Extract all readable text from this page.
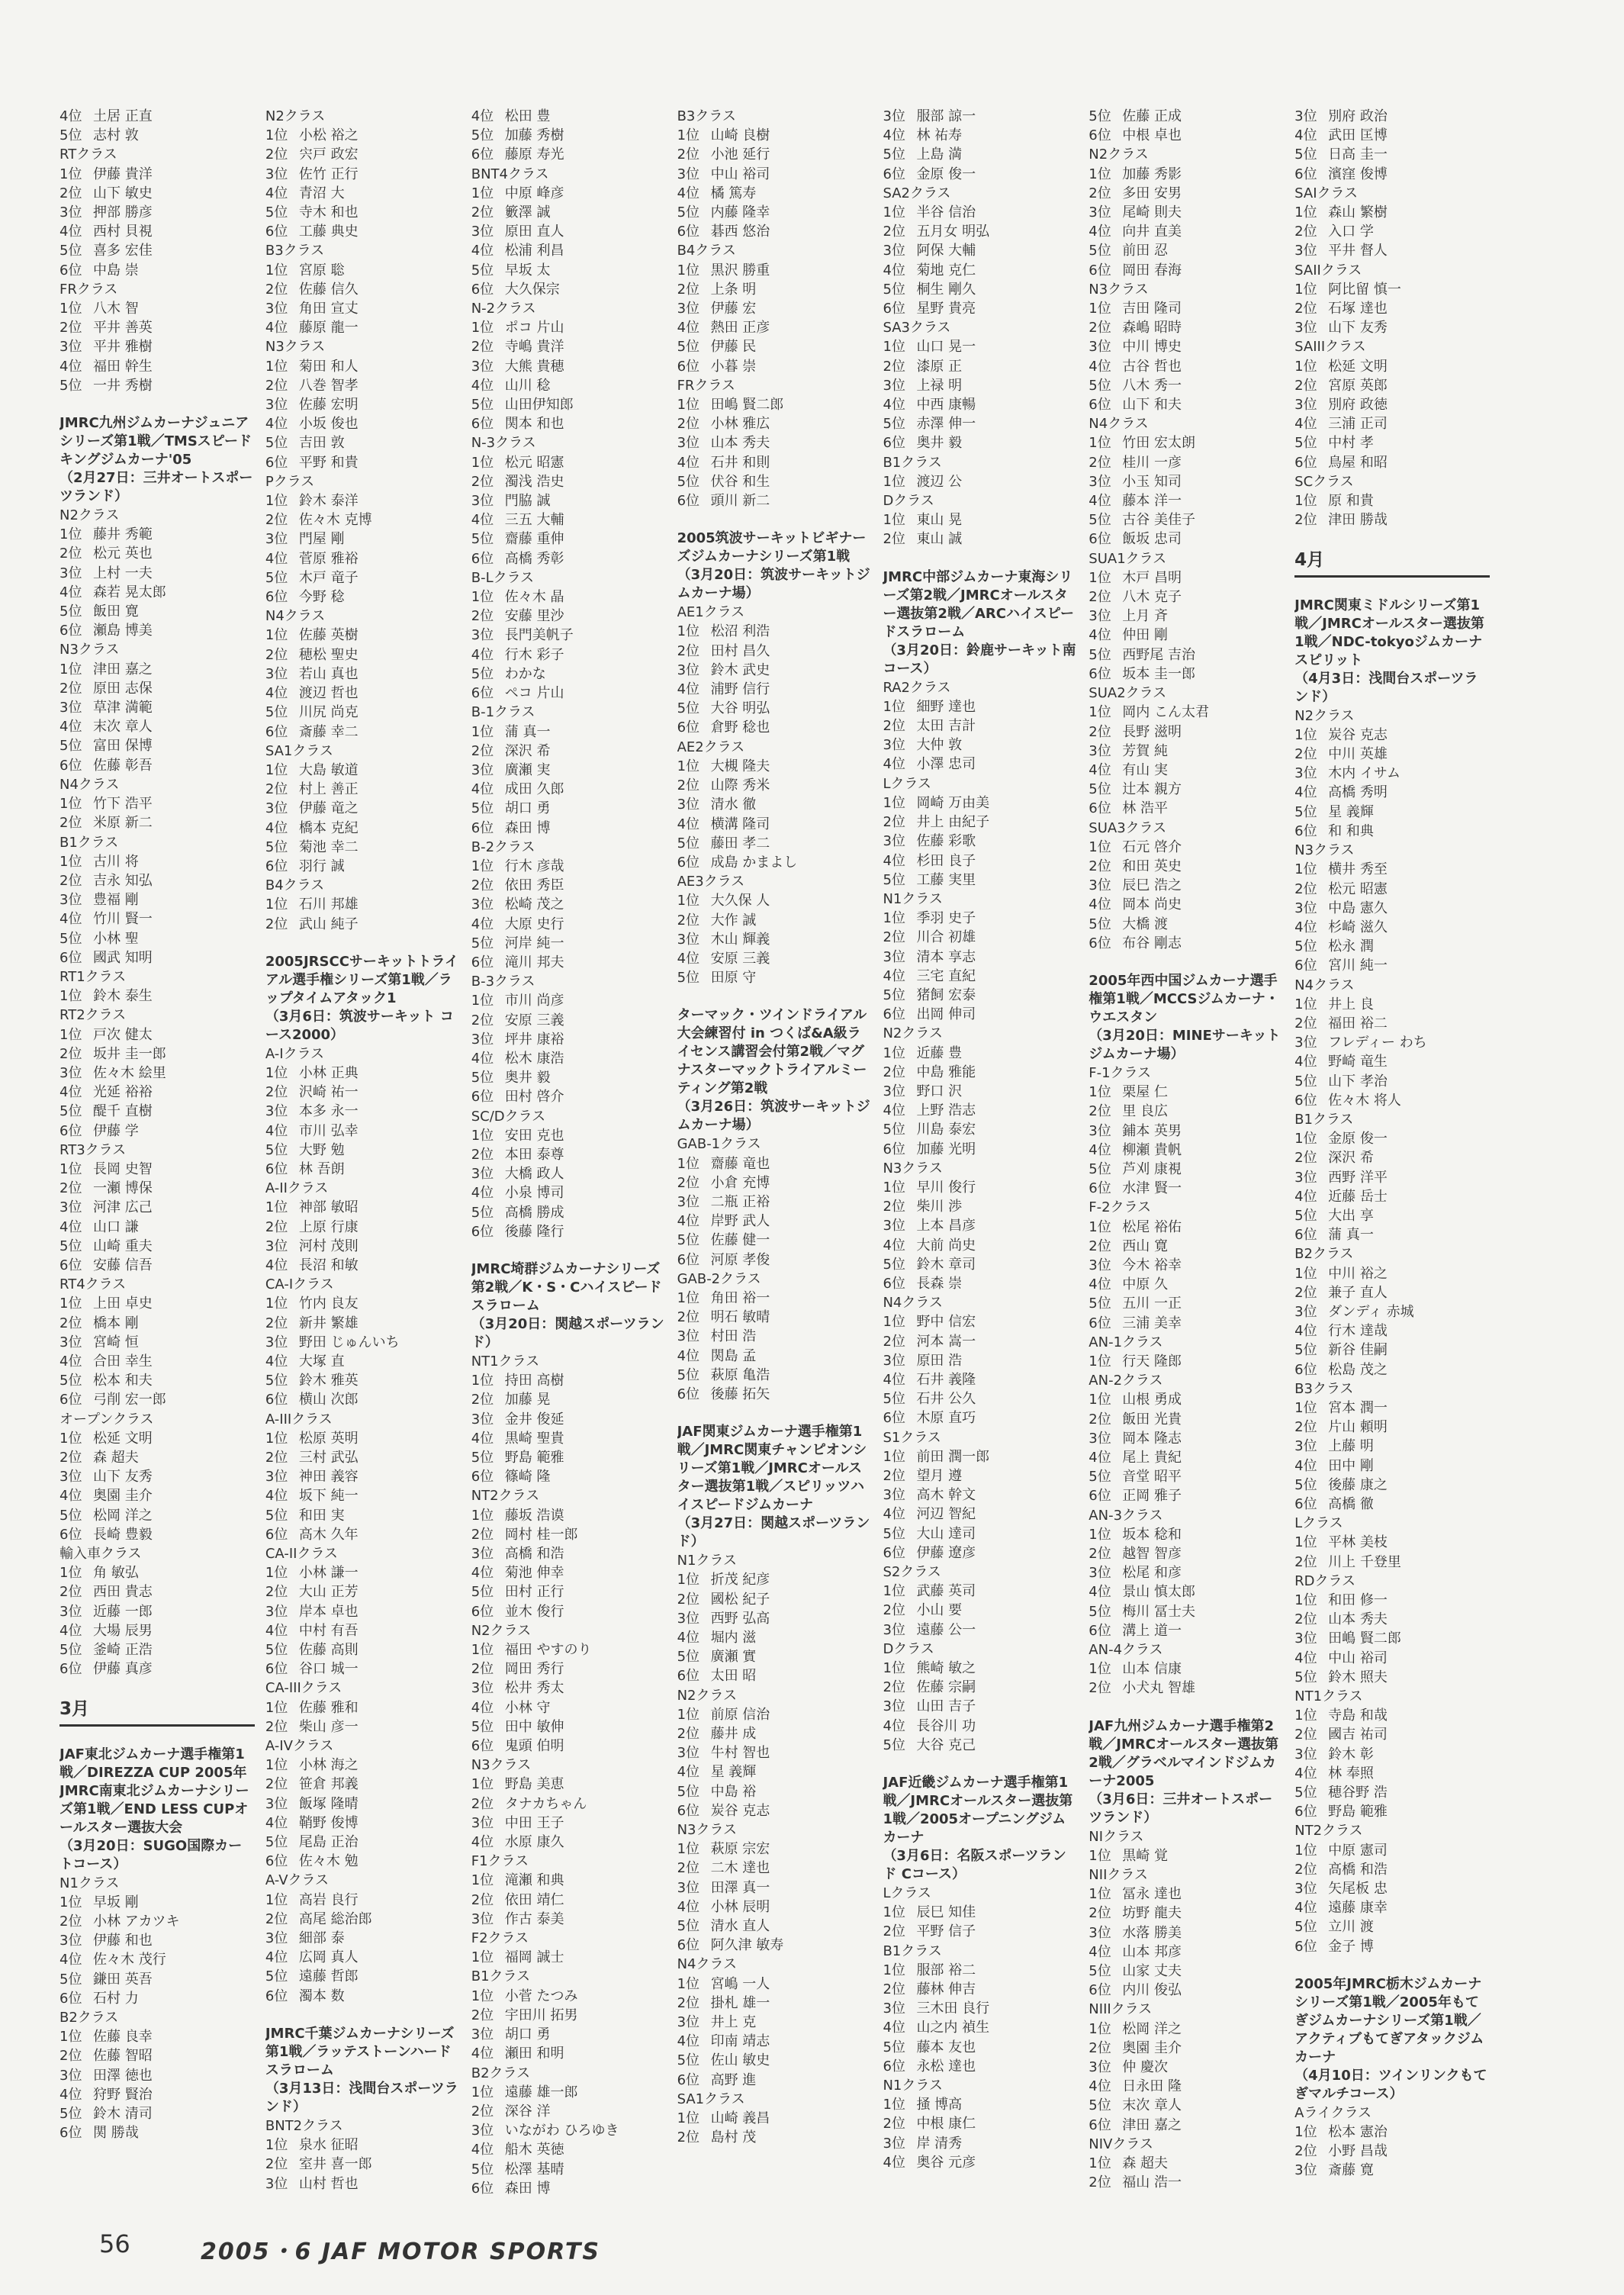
4位 土居 正直
5位 志村 敦
RTクラス
1位 伊藤 貴洋
2位 山下 敏史
3位 押部 勝彦
4位 西村 貝視
5位 喜多 宏佳
6位 中島 崇
FRクラス
1位 八木 智
2位 平井 善英
3位 平井 雅樹
4位 福田 幹生
5位 一井 秀樹
JMRC九州ジムカーナジュニアシリーズ第1戦／TMSスピードキングジムカーナ'05
（2月27日：三井オートスポーツランド）
N2クラス
1位 藤井 秀範
2位 松元 英也
3位 上村 一夫
4位 森若 晃太郎
5位 飯田 寛
6位 瀬島 博美
N3クラス
1位 津田 嘉之
2位 原田 志保
3位 草津 満範
4位 末次 章人
5位 富田 保博
6位 佐藤 彰吾
N4クラス
1位 竹下 浩平
2位 米原 新二
B1クラス
1位 古川 将
2位 吉永 知弘
3位 豊福 剛
4位 竹川 賢一
5位 小林 聖
6位 國武 知明
RT1クラス
1位 鈴木 泰生
RT2クラス
1位 戸次 健太
2位 坂井 圭一郎
3位 佐々木 絵里
4位 光延 裕裕
5位 醍千 直樹
6位 伊藤 学
RT3クラス
1位 長岡 史智
2位 一瀬 博保
3位 河津 広己
4位 山口 謙
5位 山崎 重夫
6位 安藤 信吾
RT4クラス
1位 上田 卓史
2位 橋本 剛
3位 宮崎 恒
4位 合田 幸生
5位 松本 和夫
6位 弓削 宏一郎
オープンクラス
1位 松延 文明
2位 森 超夫
3位 山下 友秀
4位 奥園 圭介
5位 松岡 洋之
6位 長崎 豊毅
輸入車クラス
1位 角 敏弘
2位 西田 貴志
3位 近藤 一郎
4位 大場 辰男
5位 釜崎 正浩
6位 伊藤 真彦
3月
JAF東北ジムカーナ選手権第1戦／DIREZZA CUP 2005年JMRC南東北ジムカーナシリーズ第1戦／END LESS CUPオールスター選抜大会
（3月20日：SUGO国際カートコース）
N1クラス
1位 早坂 剛
2位 小林 アカツキ
3位 伊藤 和也
4位 佐々木 茂行
5位 鎌田 英吾
6位 石村 力
B2クラス
1位 佐藤 良幸
2位 佐藤 智昭
3位 田澤 徳也
4位 狩野 賢治
5位 鈴木 清司
6位 関 勝哉
N2クラス
1位 小松 裕之
2位 宍戸 政宏
3位 佐竹 正行
4位 青沼 大
5位 寺木 和也
6位 工藤 典史
B3クラス
1位 宮原 聡
2位 佐藤 信久
3位 角田 宣丈
4位 藤原 龍一
N3クラス
1位 菊田 和人
2位 八巻 智孝
3位 佐藤 宏明
4位 小坂 俊也
5位 吉田 敦
6位 平野 和貴
Pクラス
1位 鈴木 泰洋
2位 佐々木 克博
3位 門屋 剛
4位 菅原 雅裕
5位 木戸 竜子
6位 今野 稔
N4クラス
1位 佐藤 英樹
2位 穂松 聖史
3位 若山 真也
4位 渡辺 哲也
5位 川尻 尚克
6位 斎藤 幸二
SA1クラス
1位 大島 敏道
2位 村上 善正
3位 伊藤 竜之
4位 橋本 克紀
5位 菊池 幸二
6位 羽行 誠
B4クラス
1位 石川 邦雄
2位 武山 純子
2005JRSCCサーキットトライアル選手権シリーズ第1戦／ラップタイムアタック1
（3月6日：筑波サーキット コース2000）
A-Iクラス
1位 小林 正典
2位 沢崎 祐一
3位 本多 永一
4位 市川 弘幸
5位 大野 勉
6位 林 吾朗
A-IIクラス
1位 神部 敏昭
2位 上原 行康
3位 河村 茂則
4位 長沼 和敏
CA-Iクラス
1位 竹内 良友
2位 新井 繁雄
3位 野田 じゅんいち
4位 大塚 直
5位 鈴木 雅英
6位 横山 次郎
A-IIIクラス
1位 松原 英明
2位 三村 武弘
3位 神田 義容
4位 坂下 純一
5位 和田 実
6位 高木 久年
CA-IIクラス
1位 小林 謙一
2位 大山 正芳
3位 岸本 卓也
4位 中村 有吾
5位 佐藤 高則
6位 谷口 城一
CA-IIIクラス
1位 佐藤 雅和
2位 柴山 彦一
A-IVクラス
1位 小林 海之
2位 笹倉 邦義
3位 飯塚 隆晴
4位 鞘野 俊博
5位 尾島 正治
6位 佐々木 勉
A-Vクラス
1位 高岩 良行
2位 高尾 総治郎
3位 細部 泰
4位 広岡 真人
5位 遠藤 哲郎
6位 濁本 数
JMRC千葉ジムカーナシリーズ第1戦／ラッテストーンハードスラローム
（3月13日：浅間台スポーツランド）
BNT2クラス
1位 泉水 征昭
2位 室井 喜一郎
3位 山村 哲也
4位 松田 豊
5位 加藤 秀樹
6位 藤原 寿光
BNT4クラス
1位 中原 峰彦
2位 籔澤 誠
3位 原田 直人
4位 松浦 利昌
5位 早坂 太
6位 大久保宗
N-2クラス
1位 ポコ 片山
2位 寺嶋 貴洋
3位 大熊 貴穂
4位 山川 稔
5位 山田伊知郎
6位 関本 和也
N-3クラス
1位 松元 昭憲
2位 濁浅 浩史
3位 門脇 誠
4位 三五 大輔
5位 齋藤 重伸
6位 高橋 秀彰
B-Lクラス
1位 佐々木 晶
2位 安藤 里沙
3位 長門美帆子
4位 行木 彩子
5位 わかな
6位 ペコ 片山
B-1クラス
1位 蒲 真一
2位 深沢 希
3位 廣瀬 実
4位 成田 久郎
5位 胡口 勇
6位 森田 博
B-2クラス
1位 行木 彦哉
2位 依田 秀臣
3位 松崎 茂之
4位 大原 史行
5位 河岸 純一
6位 滝川 邦夫
B-3クラス
1位 市川 尚彦
2位 安原 三義
3位 坪井 康裕
4位 松木 康浩
5位 奥井 毅
6位 田村 啓介
SC/Dクラス
1位 安田 克也
2位 本田 泰尊
3位 大橋 政人
4位 小泉 博司
5位 高橋 勝成
6位 後藤 隆行
JMRC埼群ジムカーナシリーズ第2戦／K・S・Cハイスピードスラローム
（3月20日：関越スポーツランド）
NT1クラス
1位 持田 高樹
2位 加藤 晃
3位 金井 俊延
4位 黒崎 聖貴
5位 野島 範雅
6位 篠崎 隆
NT2クラス
1位 藤坂 浩谟
2位 岡村 桂一郎
3位 高橋 和浩
4位 菊池 伸幸
5位 田村 正行
6位 並木 俊行
N2クラス
1位 福田 やすのり
2位 岡田 秀行
3位 松井 秀太
4位 小林 守
5位 田中 敏伸
6位 鬼頭 伯明
N3クラス
1位 野島 美恵
2位 タナカちゃん
3位 中田 王子
4位 水原 康久
F1クラス
1位 滝瀬 和典
2位 依田 靖仁
3位 作古 泰美
F2クラス
1位 福岡 誠士
B1クラス
1位 小菅 たつみ
2位 宇田川 拓男
3位 胡口 勇
4位 瀬田 和明
B2クラス
1位 遠藤 雄一郎
2位 深谷 洋
3位 いながわ ひろゆき
4位 船木 英徳
5位 松澤 基晴
6位 森田 博
B3クラス
1位 山崎 良樹
2位 小池 延行
3位 中山 裕司
4位 橘 篤寿
5位 内藤 隆幸
6位 碁西 悠治
B4クラス
1位 黒沢 勝重
2位 上条 明
3位 伊藤 宏
4位 熱田 正彦
5位 伊藤 民
6位 小暮 崇
FRクラス
1位 田嶋 賢二郎
2位 小林 雅広
3位 山本 秀夫
4位 石井 和則
5位 伏谷 和生
6位 頭川 新二
2005筑波サーキットビギナーズジムカーナシリーズ第1戦
（3月20日：筑波サーキットジムカーナ場）
AE1クラス
1位 松沼 利浩
2位 田村 昌久
3位 鈴木 武史
4位 浦野 信行
5位 大谷 明弘
6位 倉野 稔也
AE2クラス
1位 大槻 隆夫
2位 山際 秀米
3位 清水 徹
4位 横溝 隆司
5位 藤田 孝二
6位 成島 かまよし
AE3クラス
1位 大久保 人
2位 大作 誠
3位 木山 輝義
4位 安原 三義
5位 田原 守
ターマック・ツインドライアル大会練習付 in つくば&A級ライセンス講習会付第2戦／マグナスターマックトライアルミーティング第2戦
（3月26日：筑波サーキットジムカーナ場）
GAB-1クラス
1位 齋藤 竜也
2位 小倉 充博
3位 二瓶 正裕
4位 岸野 武人
5位 佐藤 健一
6位 河原 孝俊
GAB-2クラス
1位 角田 裕一
2位 明石 敏晴
3位 村田 浩
4位 関島 孟
5位 萩原 亀浩
6位 後藤 拓矢
JAF関東ジムカーナ選手権第1戦／JMRC関東チャンピオンシリーズ第1戦／JMRCオールスター選抜第1戦／スピリッツハイスピードジムカーナ
（3月27日：関越スポーツランド）
N1クラス
1位 折茂 紀彦
2位 國松 紀子
3位 西野 弘高
4位 堀内 滋
5位 廣瀬 實
6位 太田 昭
N2クラス
1位 前原 信治
2位 藤井 成
3位 牛村 智也
4位 星 義輝
5位 中島 裕
6位 炭谷 克志
N3クラス
1位 萩原 宗宏
2位 二木 達也
3位 田澤 真一
4位 小林 辰明
5位 清水 直人
6位 阿久津 敏寿
N4クラス
1位 宮嶋 一人
2位 掛札 雄一
3位 井上 克
4位 印南 靖志
5位 佐山 敏史
6位 高野 進
SA1クラス
1位 山崎 義昌
2位 島村 茂
3位 服部 諒一
4位 林 祐寿
5位 上島 満
6位 金原 俊一
SA2クラス
1位 半谷 信治
2位 五月女 明弘
3位 阿保 大輔
4位 菊地 克仁
5位 桐生 剛久
6位 星野 貴亮
SA3クラス
1位 山口 晃一
2位 漆原 正
3位 上禄 明
4位 中西 康暢
5位 赤澤 伸一
6位 奥井 毅
B1クラス
1位 渡辺 公
Dクラス
1位 東山 晃
2位 東山 誠
JMRC中部ジムカーナ東海シリーズ第2戦／JMRCオールスター選抜第2戦／ARCハイスピードスラローム
（3月20日：鈴鹿サーキット南コース）
RA2クラス
1位 細野 達也
2位 太田 吉計
3位 大仲 敦
4位 小澤 忠司
Lクラス
1位 岡崎 万由美
2位 井上 由紀子
3位 佐藤 彩歌
4位 杉田 良子
5位 工藤 実里
N1クラス
1位 季羽 史子
2位 川合 初雄
3位 清本 享志
4位 三宅 直紀
5位 猪飼 宏泰
6位 出岡 伸司
N2クラス
1位 近藤 豊
2位 中島 雅能
3位 野口 沢
4位 上野 浩志
5位 川島 泰宏
6位 加藤 光明
N3クラス
1位 早川 俊行
2位 柴川 渉
3位 上本 昌彦
4位 大前 尚史
5位 鈴木 章司
6位 長森 崇
N4クラス
1位 野中 信宏
2位 河本 嵩一
3位 原田 浩
4位 石井 義隆
5位 石井 公久
6位 木原 直巧
S1クラス
1位 前田 潤一郎
2位 望月 遵
3位 高木 幹文
4位 河辺 智紀
5位 大山 達司
6位 伊藤 遼彦
S2クラス
1位 武藤 英司
2位 小山 要
3位 遠藤 公一
Dクラス
1位 熊崎 敏之
2位 佐藤 宗嗣
3位 山田 吉子
4位 長谷川 功
5位 大谷 克己
JAF近畿ジムカーナ選手権第1戦／JMRCオールスター選抜第1戦／2005オープニングジムカーナ
（3月6日：名阪スポーツランド Cコース）
Lクラス
1位 辰巳 知佳
2位 平野 信子
B1クラス
1位 服部 裕二
2位 藤林 伸吉
3位 三木田 良行
4位 山之内 禎生
5位 藤本 友也
6位 永松 達也
N1クラス
1位 掻 博高
2位 中根 康仁
3位 岸 清秀
4位 奥谷 元彦
5位 佐藤 正成
6位 中根 卓也
N2クラス
1位 加藤 秀影
2位 多田 安男
3位 尾崎 則夫
4位 向井 直美
5位 前田 忍
6位 岡田 春海
N3クラス
1位 吉田 隆司
2位 森嶋 昭時
3位 中川 博史
4位 古谷 哲也
5位 八木 秀一
6位 山下 和夫
N4クラス
1位 竹田 宏太朗
2位 桂川 一彦
3位 小玉 知司
4位 藤本 洋一
5位 古谷 美佳子
6位 飯坂 忠司
SUA1クラス
1位 木戸 昌明
2位 八木 克子
3位 上月 斉
4位 仲田 剛
5位 西野尾 吉治
6位 坂本 圭一郎
SUA2クラス
1位 岡内 こん太君
2位 長野 滋明
3位 芳賀 純
4位 有山 実
5位 辻本 親方
6位 林 浩平
SUA3クラス
1位 石元 啓介
2位 和田 英史
3位 辰巳 浩之
4位 岡本 尚史
5位 大橋 渡
6位 布谷 剛志
2005年西中国ジムカーナ選手権第1戦／MCCSジムカーナ・ウエスタン
（3月20日：MINEサーキットジムカーナ場）
F-1クラス
1位 栗屋 仁
2位 里 良広
3位 鋪本 英男
4位 柳瀬 貴帆
5位 芦刈 康視
6位 水津 賢一
F-2クラス
1位 松尾 裕佑
2位 西山 寛
3位 今木 裕幸
4位 中原 久
5位 五川 一正
6位 三浦 美幸
AN-1クラス
1位 行天 隆郎
AN-2クラス
1位 山根 勇成
2位 飯田 光貴
3位 岡本 隆志
4位 尾上 貴紀
5位 音堂 昭平
6位 正岡 雅子
AN-3クラス
1位 坂本 稔和
2位 越智 智彦
3位 松尾 和彦
4位 景山 慎太郎
5位 梅川 冨士夫
6位 溝上 道一
AN-4クラス
1位 山本 信康
2位 小犬丸 智雄
JAF九州ジムカーナ選手権第2戦／JMRCオールスター選抜第2戦／グラベルマインドジムカーナ2005
（3月6日：三井オートスポーツランド）
NIクラス
1位 黒崎 覚
NIIクラス
1位 冨永 達也
2位 坊野 龍夫
3位 水落 勝美
4位 山本 邦彦
5位 山家 丈夫
6位 内川 俊弘
NIIIクラス
1位 松岡 洋之
2位 奥園 圭介
3位 仲 慶次
4位 日永田 隆
5位 末次 章人
6位 津田 嘉之
NIVクラス
1位 森 超夫
2位 福山 浩一
3位 別府 政治
4位 武田 匡博
5位 日高 圭一
6位 濱窪 俊博
SAIクラス
1位 森山 繁樹
2位 入口 学
3位 平井 督人
SAIIクラス
1位 阿比留 慎一
2位 石塚 達也
3位 山下 友秀
SAIIIクラス
1位 松延 文明
2位 宮原 英郎
3位 別府 政徳
4位 三浦 正司
5位 中村 孝
6位 鳥屋 和昭
SCクラス
1位 原 和貴
2位 津田 勝哉
4月
JMRC関東ミドルシリーズ第1戦／JMRCオールスター選抜第1戦／NDC-tokyoジムカーナスピリット
（4月3日：浅間台スポーツランド）
N2クラス
1位 炭谷 克志
2位 中川 英雄
3位 木内 イサム
4位 高橋 秀明
5位 星 義輝
6位 和 和典
N3クラス
1位 横井 秀至
2位 松元 昭憲
3位 中島 憲久
4位 杉崎 滋久
5位 松永 潤
6位 宮川 純一
N4クラス
1位 井上 良
2位 福田 裕二
3位 フレディー わち
4位 野崎 竜生
5位 山下 孝治
6位 佐々木 将人
B1クラス
1位 金原 俊一
2位 深沢 希
3位 西野 洋平
4位 近藤 岳士
5位 大出 享
6位 蒲 真一
B2クラス
1位 中川 裕之
2位 兼子 直人
3位 ダンディ 赤城
4位 行木 達哉
5位 新谷 佳嗣
6位 松島 茂之
B3クラス
1位 宮本 潤一
2位 片山 頼明
3位 上藤 明
4位 田中 剛
5位 後藤 康之
6位 高橋 徹
Lクラス
1位 平林 美枝
2位 川上 千登里
RDクラス
1位 和田 修一
2位 山本 秀夫
3位 田嶋 賢二郎
4位 中山 裕司
5位 鈴木 照夫
NT1クラス
1位 寺島 和哉
2位 國吉 祐司
3位 鈴木 彰
4位 林 奉照
5位 穂谷野 浩
6位 野島 範雅
NT2クラス
1位 中原 憲司
2位 高橋 和浩
3位 矢尾板 忠
4位 遠藤 康幸
5位 立川 渡
6位 金子 博
2005年JMRC栃木ジムカーナシリーズ第1戦／2005年もてぎジムカーナシリーズ第1戦／アクティブもてぎアタックジムカーナ
（4月10日：ツインリンクもてぎマルチコース）
Aライクラス
1位 松本 憲治
2位 小野 昌哉
3位 斎藤 寛
56	2005・6 JAF MOTOR SPORTS
